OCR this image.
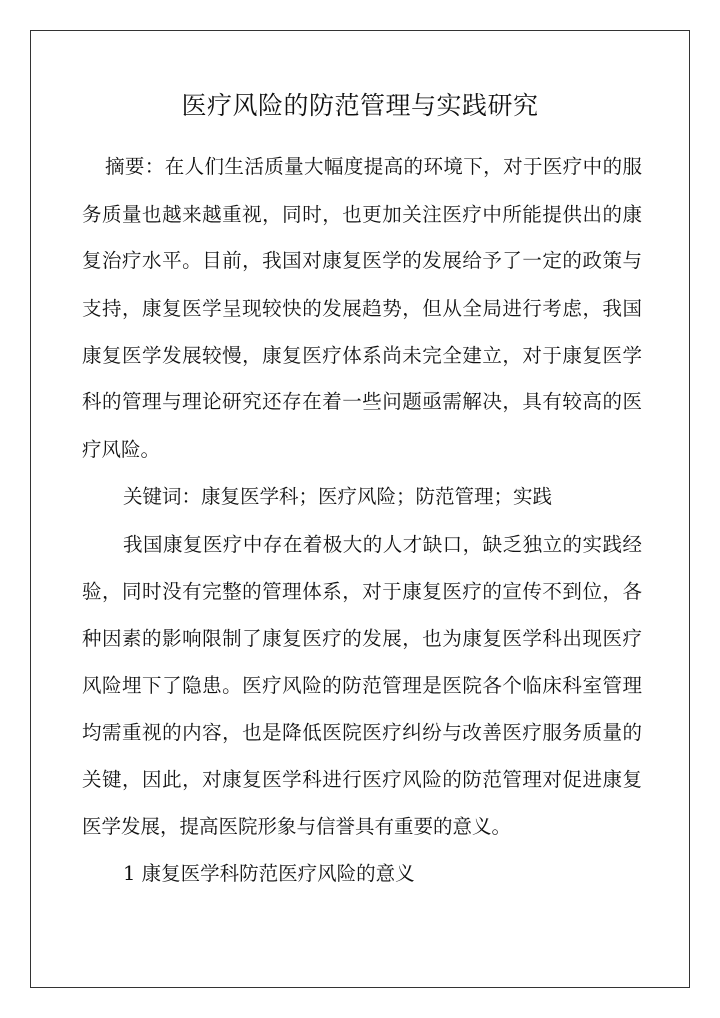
医疗风险的防范管理与实践研究

摘要：在人们生活质量大幅度提高的环境下，对于医疗中的服

务质量也越来越重视，同时，也更加关注医疗中所能提供出的康

复治疗水平。目前，我国对康复医学的发展给予了一定的政策与

支持，康复医学呈现较快的发展趋势，但从全局进行考虑，我国

康复医学发展较慢，康复医疗体系尚未完全建立，对于康复医学

科的管理与理论研究还存在着一些问题亟需解决，具有较高的医

疗风险。

关键词：康复医学科；医疗风险；防范管理；实践

我国康复医疗中存在着极大的人才缺口，缺乏独立的实践经

验，同时没有完整的管理体系，对于康复医疗的宣传不到位，各

种因素的影响限制了康复医疗的发展，也为康复医学科出现医疗

风险埋下了隐患。医疗风险的防范管理是医院各个临床科室管理

均需重视的内容，也是降低医院医疗纠纷与改善医疗服务质量的

关键，因此，对康复医学科进行医疗风险的防范管理对促进康复

医学发展，提高医院形象与信誉具有重要的意义。

1 康复医学科防范医疗风险的意义
